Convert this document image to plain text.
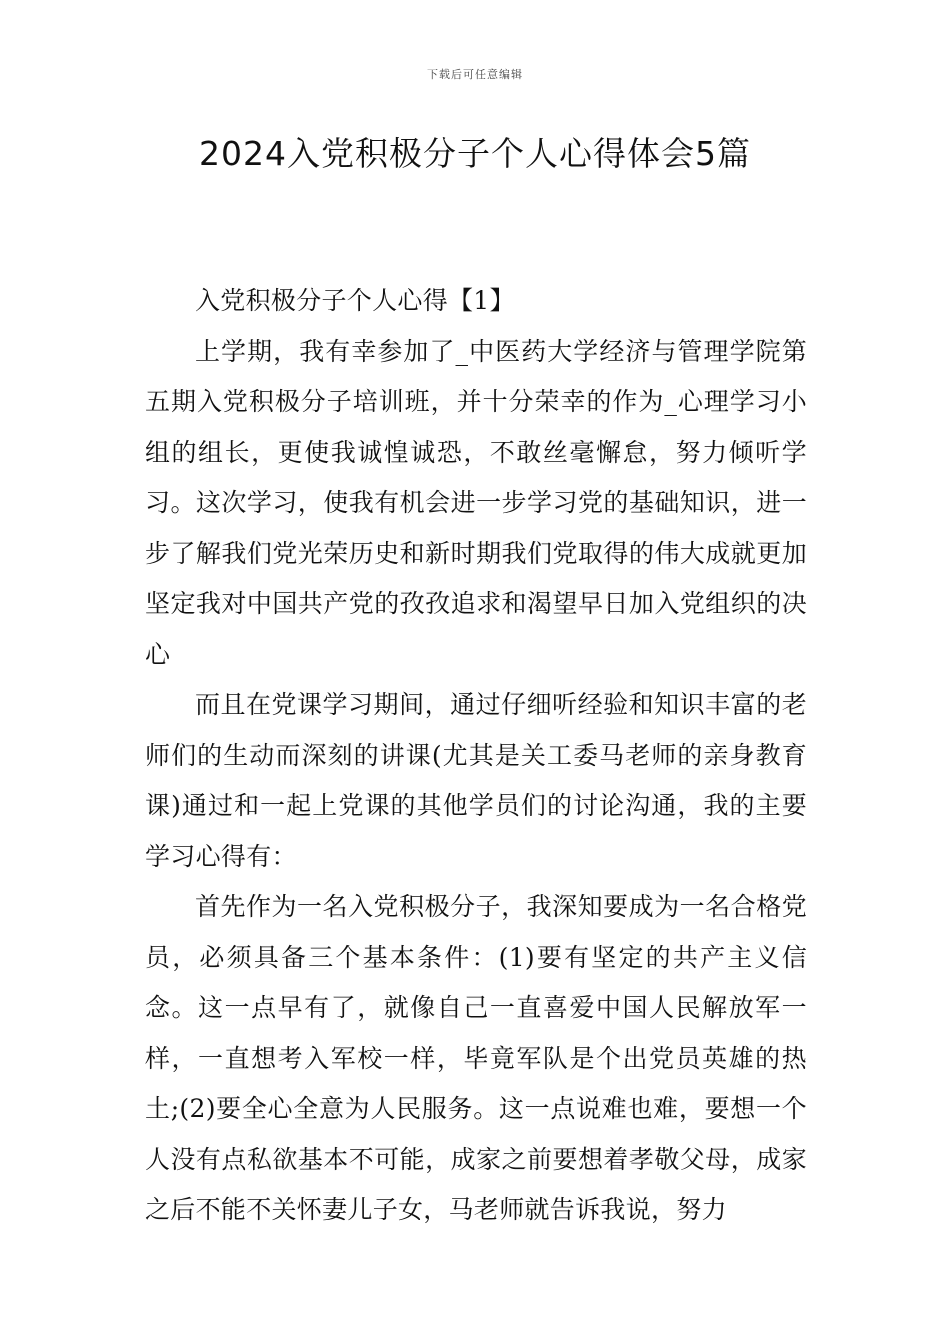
下载后可任意编辑
2024入党积极分子个人心得体会5篇

入党积极分子个人心得【1】

上学期，我有幸参加了_中医药大学经济与管理学院第五期入党积极分子培训班，并十分荣幸的作为_心理学习小组的组长，更使我诚惶诚恐，不敢丝毫懈怠，努力倾听学习。这次学习，使我有机会进一步学习党的基础知识，进一步了解我们党光荣历史和新时期我们党取得的伟大成就更加坚定我对中国共产党的孜孜追求和渴望早日加入党组织的决心

而且在党课学习期间，通过仔细听经验和知识丰富的老师们的生动而深刻的讲课(尤其是关工委马老师的亲身教育课)通过和一起上党课的其他学员们的讨论沟通，我的主要学习心得有：

首先作为一名入党积极分子，我深知要成为一名合格党员，必须具备三个基本条件：(1)要有坚定的共产主义信念。这一点早有了，就像自己一直喜爱中国人民解放军一样，一直想考入军校一样，毕竟军队是个出党员英雄的热土;(2)要全心全意为人民服务。这一点说难也难，要想一个人没有点私欲基本不可能，成家之前要想着孝敬父母，成家之后不能不关怀妻儿子女，马老师就告诉我说，努力
